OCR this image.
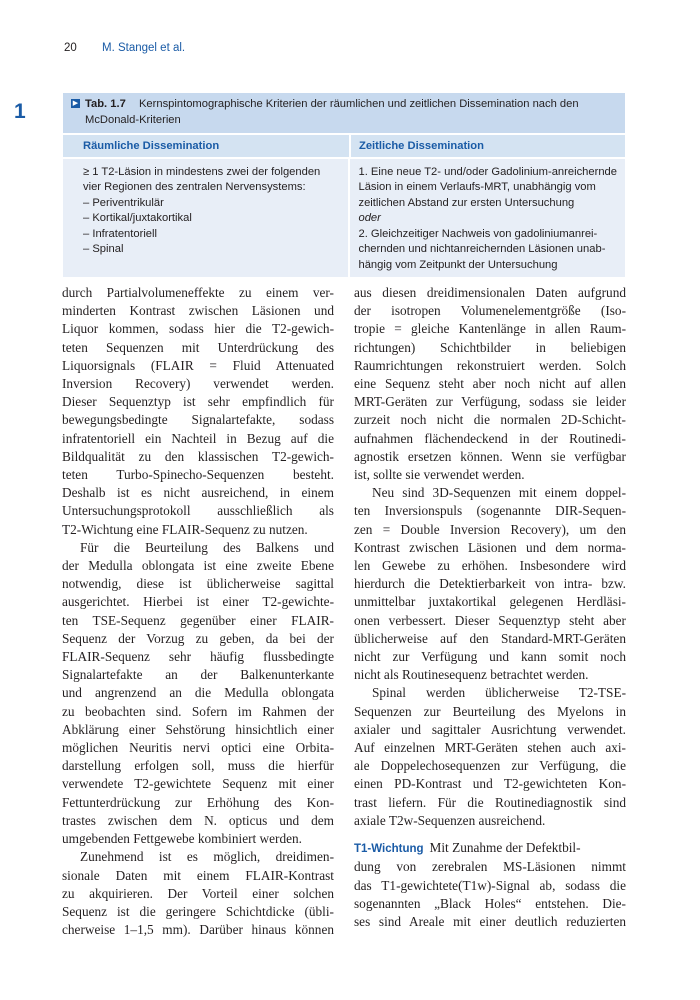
20 M. Stangel et al.
1	▶ Tab. 1.7 Kernspintomographische Kriterien der räumlichen und zeitlichen Dissemination nach den
McDonald-Kriterien
Räumliche Dissemination	Zeitliche Dissemination
≥ 1 T2-Läsion in mindestens zwei der folgenden
vier Regionen des zentralen Nervensystems:
– Periventrikulär
– Kortikal/juxtakortikal
– Infratentoriell
– Spinal
1. Eine neue T2- und/oder Gadolinium-anreichernde
Läsion in einem Verlaufs-MRT, unabhängig vom
zeitlichen Abstand zur ersten Untersuchung
oder
2. Gleichzeitiger Nachweis von gadoliniumanrei-
chernden und nichtanreichernden Läsionen unab-
hängig vom Zeitpunkt der Untersuchung

durch Partialvolumeneffekte zu einem ver-
minderten Kontrast zwischen Läsionen und
Liquor kommen, sodass hier die T2-gewich-
teten Sequenzen mit Unterdrückung des
Liquorsignals (FLAIR = Fluid Attenuated
Inversion Recovery) verwendet werden.
Dieser Sequenztyp ist sehr empfindlich für
bewegungsbedingte Signalartefakte, sodass
infratentoriell ein Nachteil in Bezug auf die
Bildqualität zu den klassischen T2-gewich-
teten Turbo-Spinecho-Sequenzen besteht.
Deshalb ist es nicht ausreichend, in einem
Untersuchungsprotokoll ausschließlich als
T2-Wichtung eine FLAIR-Sequenz zu nutzen.

Für die Beurteilung des Balkens und
der Medulla oblongata ist eine zweite Ebene
notwendig, diese ist üblicherweise sagittal
ausgerichtet. Hierbei ist einer T2-gewichte-
ten TSE-Sequenz gegenüber einer FLAIR-
Sequenz der Vorzug zu geben, da bei der
FLAIR-Sequenz sehr häufig flussbedingte
Signalartefakte an der Balkenunterkante
und angrenzend an die Medulla oblongata
zu beobachten sind. Sofern im Rahmen der
Abklärung einer Sehstörung hinsichtlich einer
möglichen Neuritis nervi optici eine Orbita-
darstellung erfolgen soll, muss die hierfür
verwendete T2-gewichtete Sequenz mit einer
Fettunterdrückung zur Erhöhung des Kon-
trastes zwischen dem N. opticus und dem
umgebenden Fettgewebe kombiniert werden.

Zunehmend ist es möglich, dreidimen-
sionale Daten mit einem FLAIR-Kontrast
zu akquirieren. Der Vorteil einer solchen
Sequenz ist die geringere Schichtdicke (übli-
cherweise 1–1,5 mm). Darüber hinaus können

aus diesen dreidimensionalen Daten aufgrund
der isotropen Volumenelementgröße (Iso-
tropie = gleiche Kantenlänge in allen Raum-
richtungen) Schichtbilder in beliebigen
Raumrichtungen rekonstruiert werden. Solch
eine Sequenz steht aber noch nicht auf allen
MRT-Geräten zur Verfügung, sodass sie leider
zurzeit noch nicht die normalen 2D-Schicht-
aufnahmen flächendeckend in der Routinedi-
agnostik ersetzen können. Wenn sie verfügbar
ist, sollte sie verwendet werden.

Neu sind 3D-Sequenzen mit einem doppel-
ten Inversionspuls (sogenannte DIR-Sequen-
zen = Double Inversion Recovery), um den
Kontrast zwischen Läsionen und dem norma-
len Gewebe zu erhöhen. Insbesondere wird
hierdurch die Detektierbarkeit von intra- bzw.
unmittelbar juxtakortikal gelegenen Herdläsi-
onen verbessert. Dieser Sequenztyp steht aber
üblicherweise auf den Standard-MRT-Geräten
nicht zur Verfügung und kann somit noch
nicht als Routinesequenz betrachtet werden.

Spinal werden üblicherweise T2-TSE-
Sequenzen zur Beurteilung des Myelons in
axialer und sagittaler Ausrichtung verwendet.
Auf einzelnen MRT-Geräten stehen auch axi-
ale Doppelechosequenzen zur Verfügung, die
einen PD-Kontrast und T2-gewichteten Kon-
trast liefern. Für die Routinediagnostik sind
axiale T2w-Sequenzen ausreichend.

T1-Wichtung Mit Zunahme der Defektbil-
dung von zerebralen MS-Läsionen nimmt
das T1-gewichtete(T1w)-Signal ab, sodass die
sogenannten „Black Holes“ entstehen. Die-
ses sind Areale mit einer deutlich reduzierten
